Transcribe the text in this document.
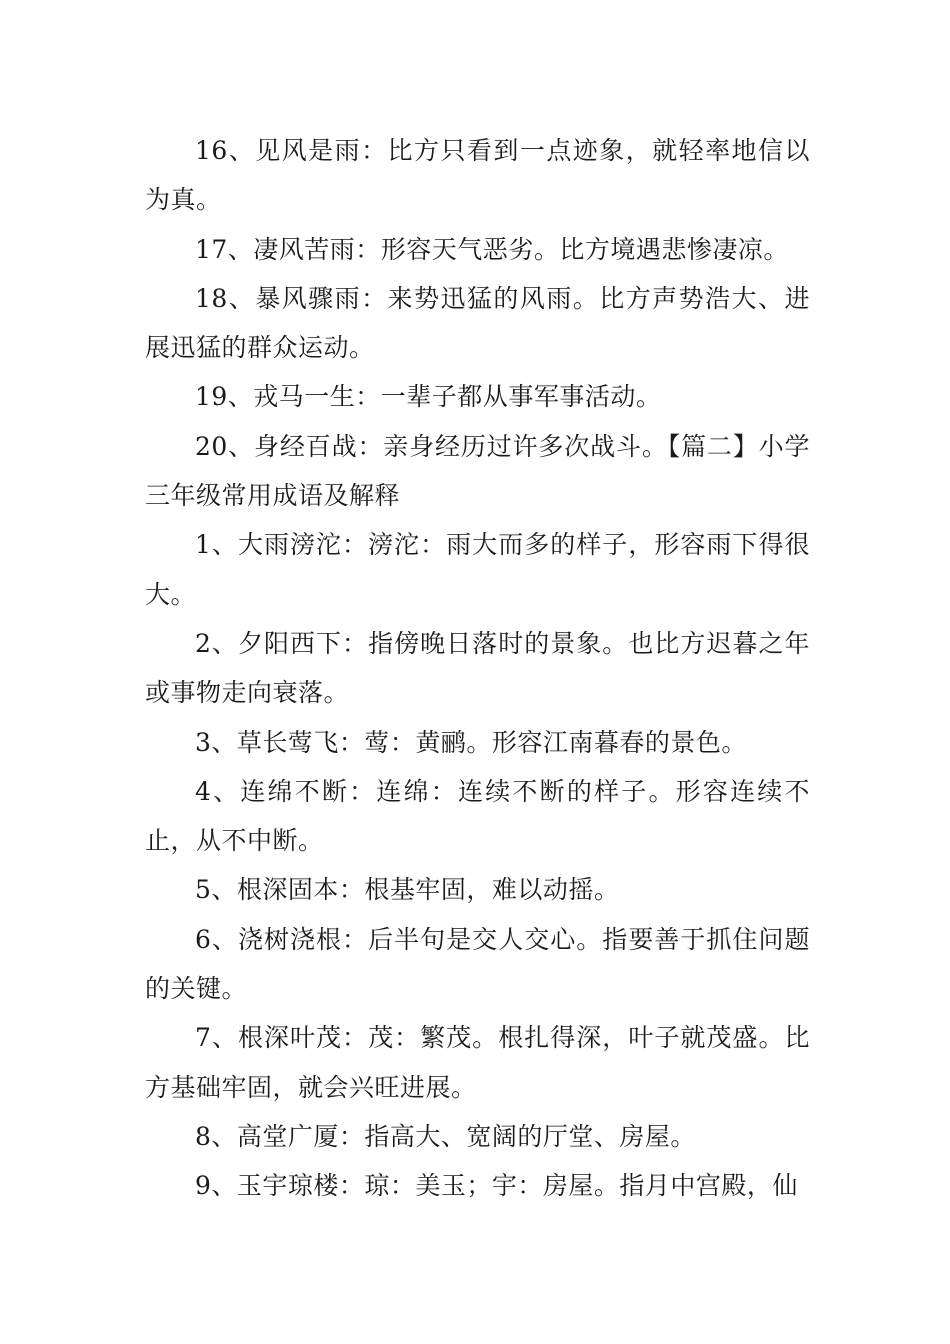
16、见风是雨：比方只看到一点迹象，就轻率地信以为真。

17、凄风苦雨：形容天气恶劣。比方境遇悲惨凄凉。

18、暴风骤雨：来势迅猛的风雨。比方声势浩大、进展迅猛的群众运动。

19、戎马一生：一辈子都从事军事活动。

20、身经百战：亲身经历过许多次战斗。【篇二】小学三年级常用成语及解释

1、大雨滂沱：滂沱：雨大而多的样子，形容雨下得很大。

2、夕阳西下：指傍晚日落时的景象。也比方迟暮之年或事物走向衰落。

3、草长莺飞：莺：黄鹂。形容江南暮春的景色。

4、连绵不断：连绵：连续不断的样子。形容连续不止，从不中断。

5、根深固本：根基牢固，难以动摇。

6、浇树浇根：后半句是交人交心。指要善于抓住问题的关键。

7、根深叶茂：茂：繁茂。根扎得深，叶子就茂盛。比方基础牢固，就会兴旺进展。

8、高堂广厦：指高大、宽阔的厅堂、房屋。

9、玉宇琼楼：琼：美玉；宇：房屋。指月中宫殿，仙
